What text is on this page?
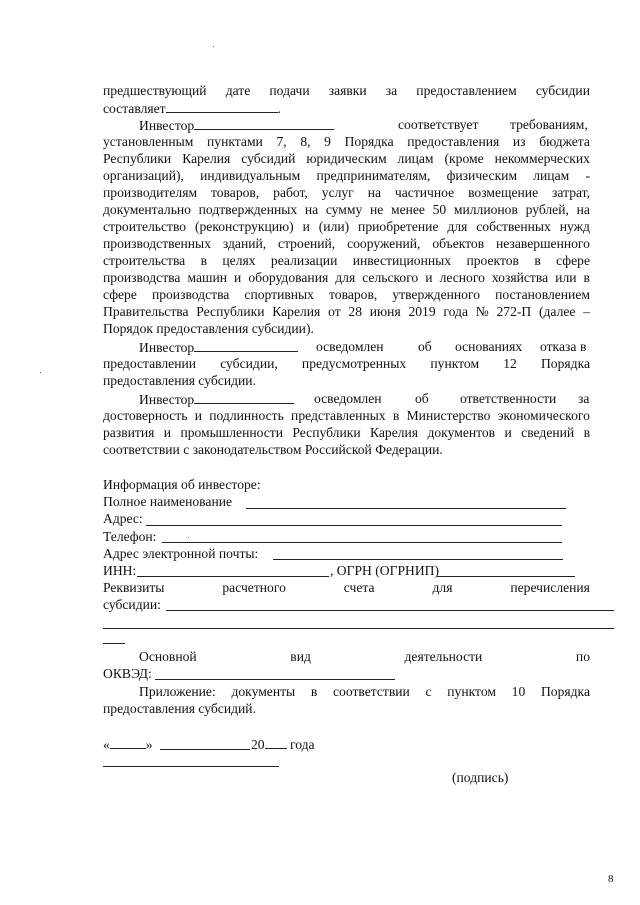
предшествующий дате подачи заявки за предоставлением субсидии
составляет	.
Инвестор	соответствует требованиям,
установленным пунктами 7, 8, 9 Порядка предоставления из бюджета
Республики Карелия субсидий юридическим лицам (кроме некоммерческих
организаций), индивидуальным предпринимателям, физическим лицам -
производителям товаров, работ, услуг на частичное возмещение затрат,
документально подтвержденных на сумму не менее 50 миллионов рублей, на
строительство (реконструкцию) и (или) приобретение для собственных нужд
производственных зданий, строений, сооружений, объектов незавершенного
строительства в целях реализации инвестиционных проектов в сфере
производства машин и оборудования для сельского и лесного хозяйства или в
сфере производства спортивных товаров, утвержденного постановлением
Правительства Республики Карелия от 28 июня 2019 года № 272-П (далее –
Порядок предоставления субсидии).
Инвестор	осведомлен	об основаниях отказа в
предоставлении субсидии, предусмотренных пунктом 12 Порядка
предоставления субсидии.
Инвестор	осведомлен об ответственности за
достоверность и подлинность представленных в Министерство экономического
развития и промышленности Республики Карелия документов и сведений в
соответствии с законодательством Российской Федерации.
Информация об инвесторе:
Полное наименование
Адрес:
Телефон:
Адрес электронной почты:
ИНН:	, ОГРН (ОГРНИП)
Реквизиты	расчетного	счета	для	перечисления
субсидии:
Основной	вид	деятельности	по
ОКВЭД:
Приложение: документы в соответствии с пунктом 10 Порядка
предоставления субсидий.
«	»	20 года
(подпись)
8
